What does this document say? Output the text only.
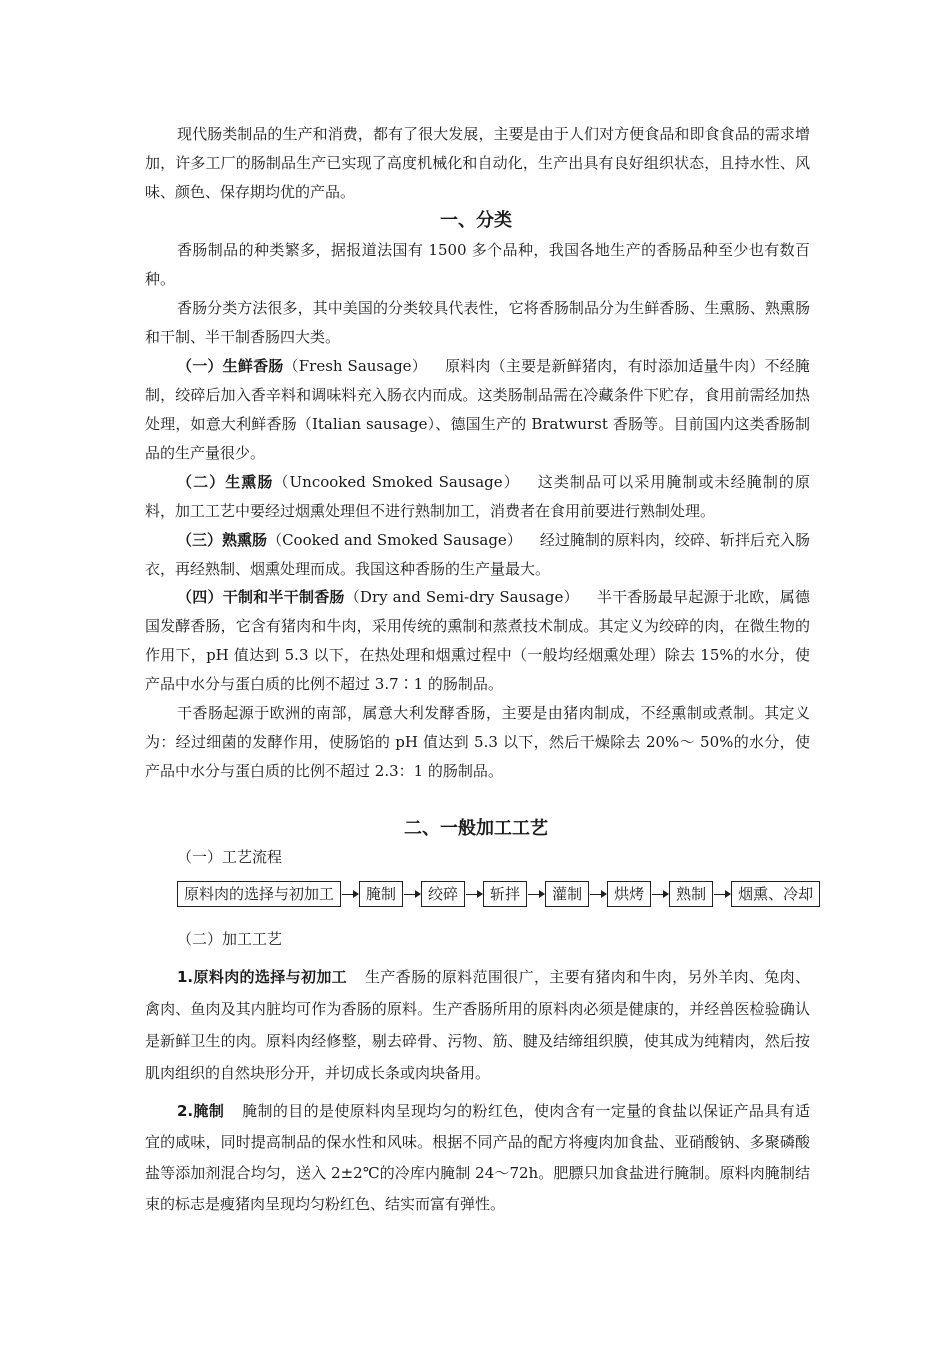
现代肠类制品的生产和消费，都有了很大发展，主要是由于人们对方便食品和即食食品的需求增加，许多工厂的肠制品生产已实现了高度机械化和自动化，生产出具有良好组织状态，且持水性、风味、颜色、保存期均优的产品。

一、分类

香肠制品的种类繁多，据报道法国有 1500 多个品种，我国各地生产的香肠品种至少也有数百种。

香肠分类方法很多，其中美国的分类较具代表性，它将香肠制品分为生鲜香肠、生熏肠、熟熏肠和干制、半干制香肠四大类。

（一）生鲜香肠（Fresh Sausage） 原料肉（主要是新鲜猪肉，有时添加适量牛肉）不经腌制，绞碎后加入香辛料和调味料充入肠衣内而成。这类肠制品需在冷藏条件下贮存，食用前需经加热处理，如意大利鲜香肠（Italian sausage）、德国生产的 Bratwurst 香肠等。目前国内这类香肠制品的生产量很少。

（二）生熏肠（Uncooked Smoked Sausage） 这类制品可以采用腌制或未经腌制的原料，加工工艺中要经过烟熏处理但不进行熟制加工，消费者在食用前要进行熟制处理。

（三）熟熏肠（Cooked and Smoked Sausage） 经过腌制的原料肉，绞碎、斩拌后充入肠衣，再经熟制、烟熏处理而成。我国这种香肠的生产量最大。

（四）干制和半干制香肠（Dry and Semi-dry Sausage） 半干香肠最早起源于北欧，属德国发酵香肠，它含有猪肉和牛肉，采用传统的熏制和蒸煮技术制成。其定义为绞碎的肉，在微生物的作用下，pH 值达到 5.3 以下，在热处理和烟熏过程中（一般均经烟熏处理）除去 15%的水分，使产品中水分与蛋白质的比例不超过 3.7∶1 的肠制品。

干香肠起源于欧洲的南部，属意大利发酵香肠，主要是由猪肉制成，不经熏制或煮制。其定义为：经过细菌的发酵作用，使肠馅的 pH 值达到 5.3 以下，然后干燥除去 20%～ 50%的水分，使产品中水分与蛋白质的比例不超过 2.3：1 的肠制品。

二、一般加工工艺

（一）工艺流程

原料肉的选择与初加工	腌制	绞碎	斩拌	灌制	烘烤	熟制	烟熏、冷却

（二）加工工艺

1.原料肉的选择与初加工 生产香肠的原料范围很广，主要有猪肉和牛肉，另外羊肉、兔肉、禽肉、鱼肉及其内脏均可作为香肠的原料。生产香肠所用的原料肉必须是健康的，并经兽医检验确认是新鲜卫生的肉。原料肉经修整，剔去碎骨、污物、筋、腱及结缔组织膜，使其成为纯精肉，然后按肌肉组织的自然块形分开，并切成长条或肉块备用。

2.腌制 腌制的目的是使原料肉呈现均匀的粉红色，使肉含有一定量的食盐以保证产品具有适宜的咸味，同时提高制品的保水性和风味。根据不同产品的配方将瘦肉加食盐、亚硝酸钠、多聚磷酸盐等添加剂混合均匀，送入 2±2℃的冷库内腌制 24～72h。肥膘只加食盐进行腌制。原料肉腌制结束的标志是瘦猪肉呈现均匀粉红色、结实而富有弹性。
